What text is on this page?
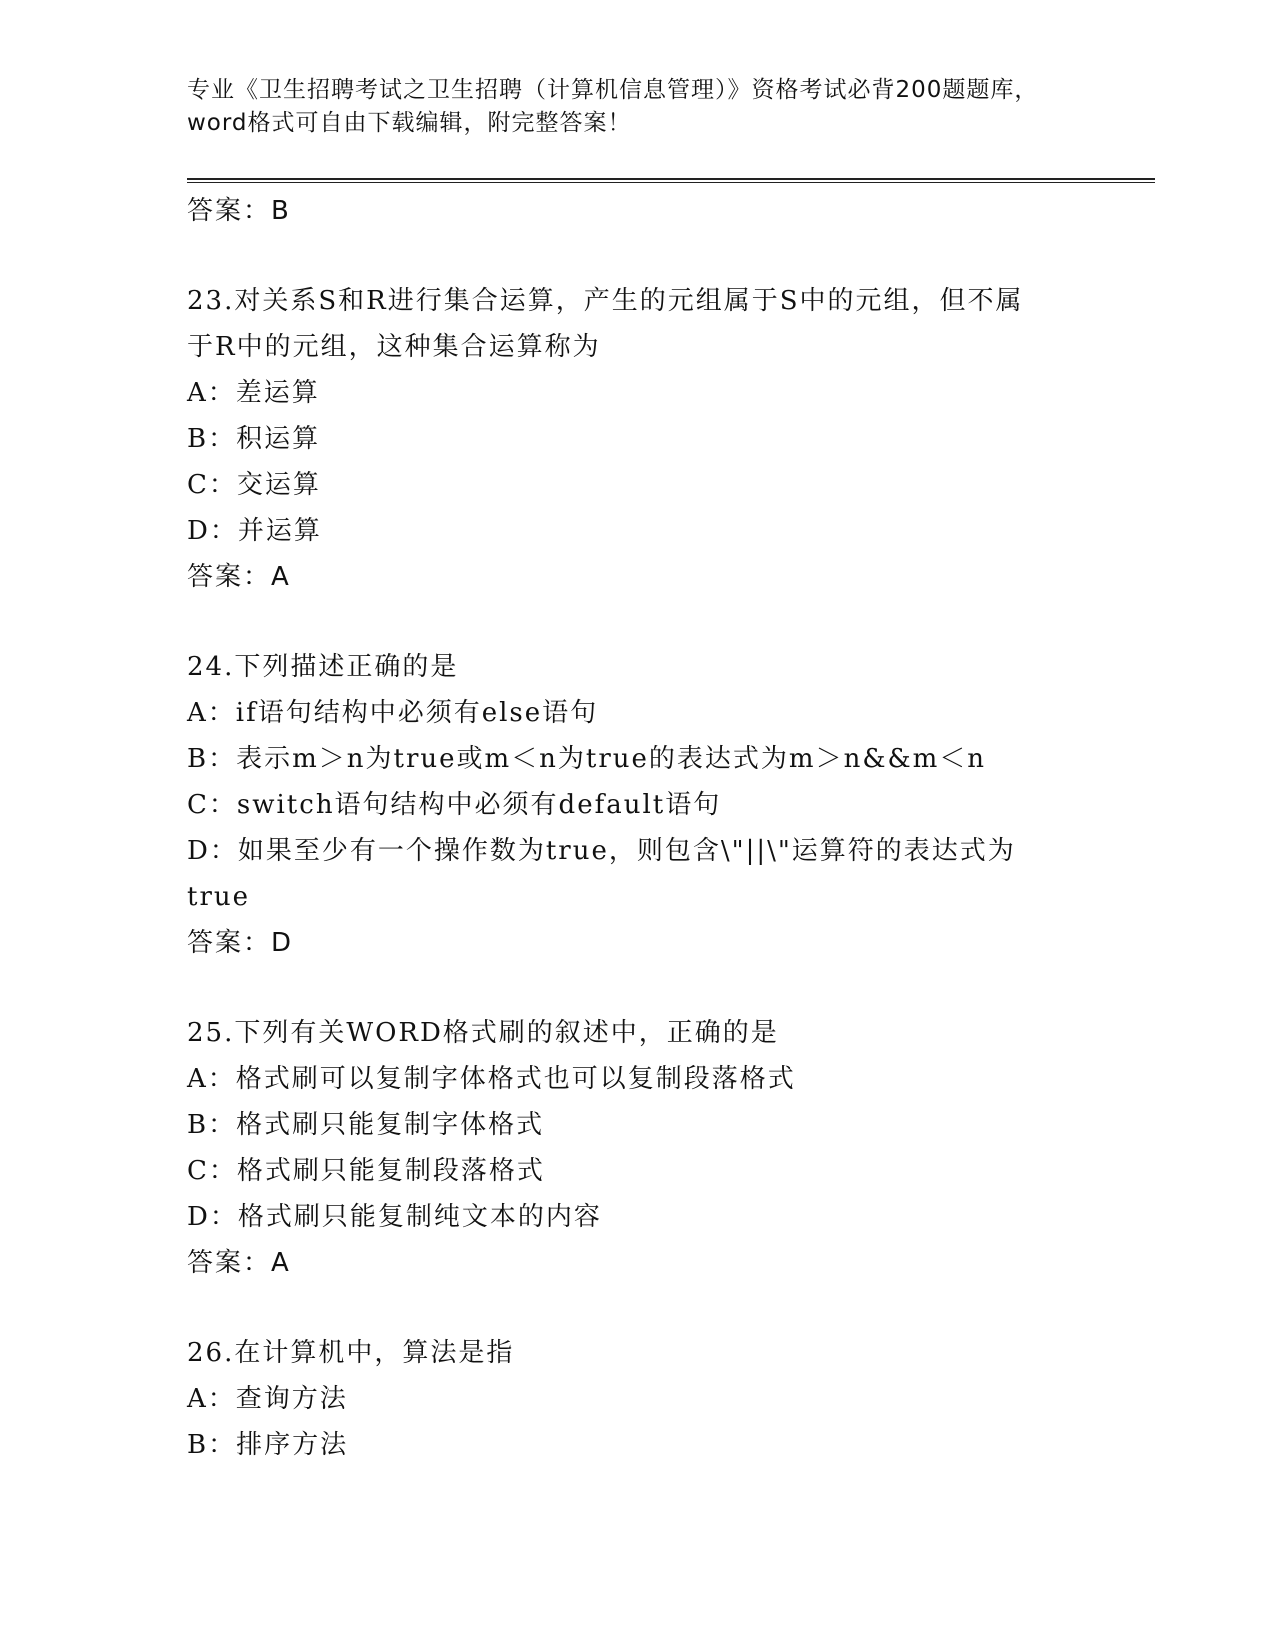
专业《卫生招聘考试之卫生招聘（计算机信息管理）》资格考试必背200题题库，
word格式可自由下载编辑，附完整答案！
答案：B
23.对关系S和R进行集合运算，产生的元组属于S中的元组，但不属
于R中的元组，这种集合运算称为
A：差运算
B：积运算
C：交运算
D：并运算
答案：A
24.下列描述正确的是
A：if语句结构中必须有else语句
B：表示m＞n为true或m＜n为true的表达式为m＞n&&m＜n
C：switch语句结构中必须有default语句
D：如果至少有一个操作数为true，则包含\"||\"运算符的表达式为
true
答案：D
25.下列有关WORD格式刷的叙述中，正确的是
A：格式刷可以复制字体格式也可以复制段落格式
B：格式刷只能复制字体格式
C：格式刷只能复制段落格式
D：格式刷只能复制纯文本的内容
答案：A
26.在计算机中，算法是指
A：查询方法
B：排序方法
